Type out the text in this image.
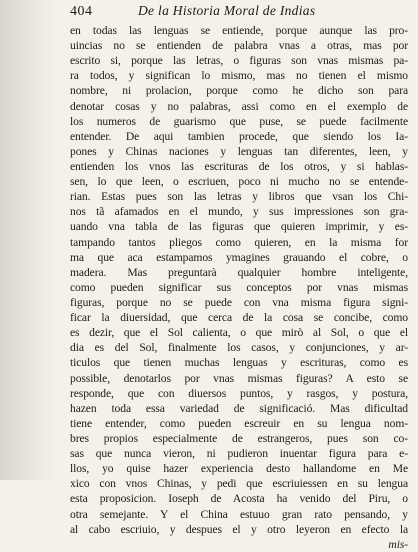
404	De la Historia Moral de Indias
en todas las lenguas se entiende, porque aunque las pro-
uincias no se entienden de palabra vnas a otras, mas por
escrito si, porque las letras, o figuras son vnas mismas pa-
ra todos, y significan lo mismo, mas no tienen el mismo
nombre, ni prolacion, porque como he dicho son para
denotar cosas y no palabras, assi como en el exemplo de
los numeros de guarismo que puse, se puede facilmente
entender. De aqui tambien procede, que siendo los Ia-
pones y Chinas naciones y lenguas tan diferentes, leen, y
entienden los vnos las escrituras de los otros, y si hablas-
sen, lo que leen, o escriuen, poco ni mucho no se entende-
rian. Estas pues son las letras y libros que vsan los Chi-
nos tã afamados en el mundo, y sus impressiones son gra-
uando vna tabla de las figuras que quieren imprimir, y es-
tampando tantos pliegos como quieren, en la misma for
ma que aca estampamos ymagines grauando el cobre, o
madera. Mas preguntarà qualquier hombre inteligente,
como pueden significar sus conceptos por vnas mismas
figuras, porque no se puede con vna misma figura signi-
ficar la diuersidad, que cerca de la cosa se concibe, como
es dezir, que el Sol calienta, o que mirò al Sol, o que el
dia es del Sol, finalmente los casos, y conjunciones, y ar-
ticulos que tienen muchas lenguas y escrituras, como es
possible, denotarlos por vnas mismas figuras? A esto se
responde, que con diuersos puntos, y rasgos, y postura,
hazen toda essa variedad de significació. Mas dificultad
tiene entender, como pueden escreuir en su lengua nom-
bres propios especialmente de estrangeros, pues son co-
sas que nunca vieron, ni pudieron inuentar figura para e-
llos, yo quise hazer experiencia desto hallandome en Me
xico con vnos Chinas, y pedi que escriuiessen en su lengua
esta proposicion. Ioseph de Acosta ha venido del Piru, o
otra semejante. Y el China estuuo gran rato pensando, y
al cabo escriuio, y despues el y otro leyeron en efecto la
mis-
